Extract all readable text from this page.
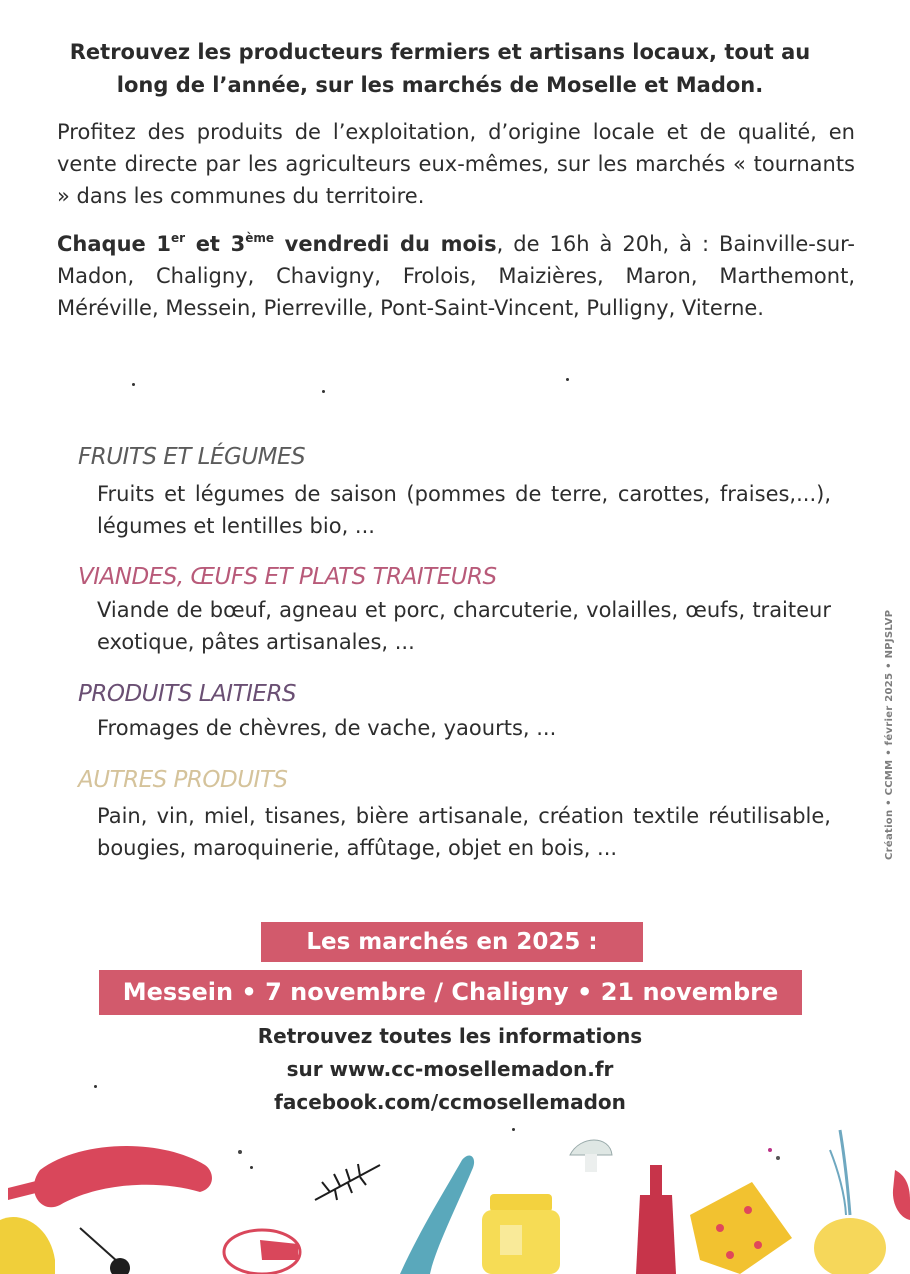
Retrouvez les producteurs fermiers et artisans locaux, tout au
long de l’année, sur les marchés de Moselle et Madon.
Profitez des produits de l’exploitation, d’origine locale et de qualité, en vente directe par les agriculteurs eux-mêmes, sur les marchés « tournants » dans les communes du territoire.
Chaque 1er et 3ème vendredi du mois, de 16h à 20h, à : Bainville-sur-Madon, Chaligny, Chavigny, Frolois, Maizières, Maron, Marthemont, Méréville, Messein, Pierreville, Pont-Saint-Vincent, Pulligny, Viterne.
FRUITS ET LÉGUMES
Fruits et légumes de saison (pommes de terre, carottes, fraises,...), légumes et lentilles bio, ...
VIANDES, ŒUFS ET PLATS TRAITEURS
Viande de bœuf, agneau et porc, charcuterie, volailles, œufs, traiteur exotique, pâtes artisanales, ...
PRODUITS LAITIERS
Fromages de chèvres, de vache, yaourts, ...
AUTRES PRODUITS
Pain, vin, miel, tisanes, bière artisanale, création textile réutilisable, bougies, maroquinerie, affûtage, objet en bois, ...	Création • CCMM • février 2025 • NPJSLVP
Les marchés en 2025 :
Messein • 7 novembre / Chaligny • 21 novembre
Retrouvez toutes les informations
sur www.cc-mosellemadon.fr
facebook.com/ccmosellemadon
